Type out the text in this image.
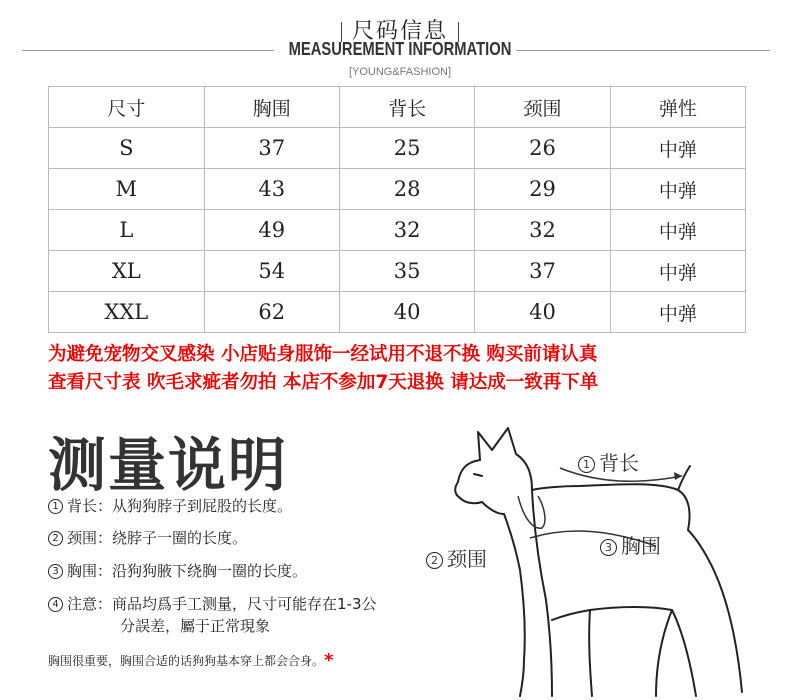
尺码信息
MEASUREMENT INFORMATION
[YOUNG&FASHION]
尺寸	胸围	背长	颈围	弹性
S	37	25	26	中弹
M	43	28	29	中弹
L	49	32	32	中弹
XL	54	35	37	中弹
XXL	62	40	40	中弹
为避免宠物交叉感染 小店贴身服饰一经试用不退不换 购买前请认真
查看尺寸表 吹毛求疵者勿拍 本店不参加7天退换 请达成一致再下单
测量说明
1 背长：从狗狗脖子到屁股的长度。
2 颈围：绕脖子一圈的长度。
3 胸围：沿狗狗腋下绕胸一圈的长度。
4 注意：商品均爲手工测量，尺寸可能存在1-3公
分誤差，屬于正常現象
胸围很重要，胸围合适的话狗狗基本穿上都会合身。*
1 背长
2 颈围	3 胸围
